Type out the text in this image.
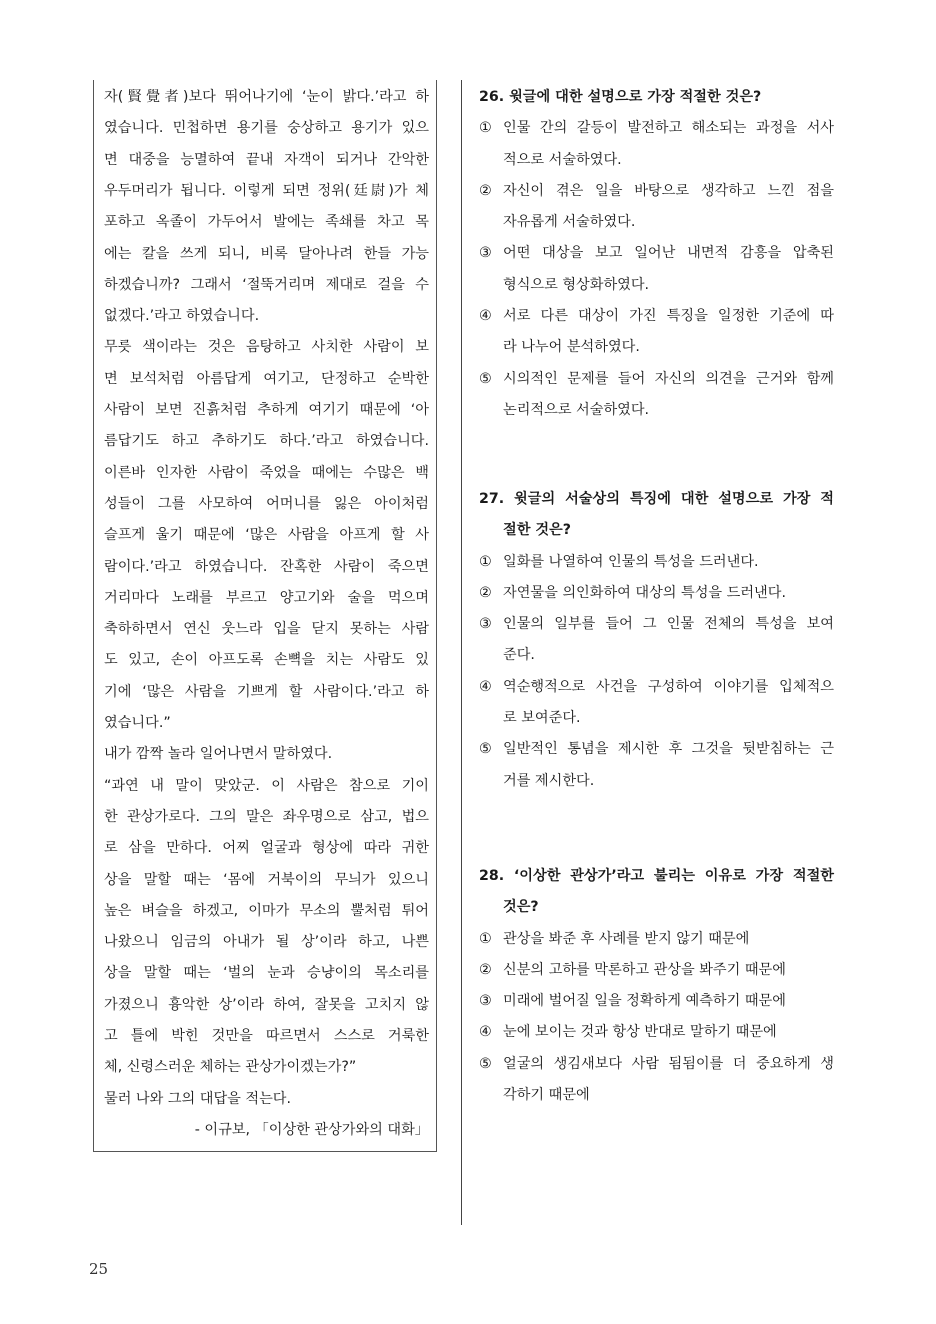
자(賢覺者)보다 뛰어나기에 ‘눈이 밝다.’라고 하
였습니다. 민첩하면 용기를 숭상하고 용기가 있으
면 대중을 능멸하여 끝내 자객이 되거나 간악한
우두머리가 됩니다. 이렇게 되면 정위(廷尉)가 체
포하고 옥졸이 가두어서 발에는 족쇄를 차고 목
에는 칼을 쓰게 되니, 비록 달아나려 한들 가능
하겠습니까? 그래서 ‘절뚝거리며 제대로 걸을 수
없겠다.’라고 하였습니다.
무릇 색이라는 것은 음탕하고 사치한 사람이 보
면 보석처럼 아름답게 여기고, 단정하고 순박한
사람이 보면 진흙처럼 추하게 여기기 때문에 ‘아
름답기도 하고 추하기도 하다.’라고 하였습니다.
이른바 인자한 사람이 죽었을 때에는 수많은 백
성들이 그를 사모하여 어머니를 잃은 아이처럼
슬프게 울기 때문에 ‘많은 사람을 아프게 할 사
람이다.’라고 하였습니다. 잔혹한 사람이 죽으면
거리마다 노래를 부르고 양고기와 술을 먹으며
축하하면서 연신 웃느라 입을 닫지 못하는 사람
도 있고, 손이 아프도록 손뼉을 치는 사람도 있
기에 ‘많은 사람을 기쁘게 할 사람이다.’라고 하
였습니다.”
내가 깜짝 놀라 일어나면서 말하였다.
“과연 내 말이 맞았군. 이 사람은 참으로 기이
한 관상가로다. 그의 말은 좌우명으로 삼고, 법으
로 삼을 만하다. 어찌 얼굴과 형상에 따라 귀한
상을 말할 때는 ‘몸에 거북이의 무늬가 있으니
높은 벼슬을 하겠고, 이마가 무소의 뿔처럼 튀어
나왔으니 임금의 아내가 될 상’이라 하고, 나쁜
상을 말할 때는 ‘벌의 눈과 승냥이의 목소리를
가졌으니 흉악한 상’이라 하여, 잘못을 고치지 않
고 틀에 박힌 것만을 따르면서 스스로 거룩한
체, 신령스러운 체하는 관상가이겠는가?”
물러 나와 그의 대답을 적는다.
- 이규보, 「이상한 관상가와의 대화」
26. 윗글에 대한 설명으로 가장 적절한 것은?
① 인물 간의 갈등이 발전하고 해소되는 과정을 서사
적으로 서술하였다.
② 자신이 겪은 일을 바탕으로 생각하고 느낀 점을
자유롭게 서술하였다.
③ 어떤 대상을 보고 일어난 내면적 감흥을 압축된
형식으로 형상화하였다.
④ 서로 다른 대상이 가진 특징을 일정한 기준에 따
라 나누어 분석하였다.
⑤ 시의적인 문제를 들어 자신의 의견을 근거와 함께
논리적으로 서술하였다.
27. 윗글의 서술상의 특징에 대한 설명으로 가장 적
절한 것은?
① 일화를 나열하여 인물의 특성을 드러낸다.
② 자연물을 의인화하여 대상의 특성을 드러낸다.
③ 인물의 일부를 들어 그 인물 전체의 특성을 보여
준다.
④ 역순행적으로 사건을 구성하여 이야기를 입체적으
로 보여준다.
⑤ 일반적인 통념을 제시한 후 그것을 뒷받침하는 근
거를 제시한다.
28. ‘이상한 관상가’라고 불리는 이유로 가장 적절한
것은?
① 관상을 봐준 후 사례를 받지 않기 때문에
② 신분의 고하를 막론하고 관상을 봐주기 때문에
③ 미래에 벌어질 일을 정확하게 예측하기 때문에
④ 눈에 보이는 것과 항상 반대로 말하기 때문에
⑤ 얼굴의 생김새보다 사람 됨됨이를 더 중요하게 생
각하기 때문에
25
